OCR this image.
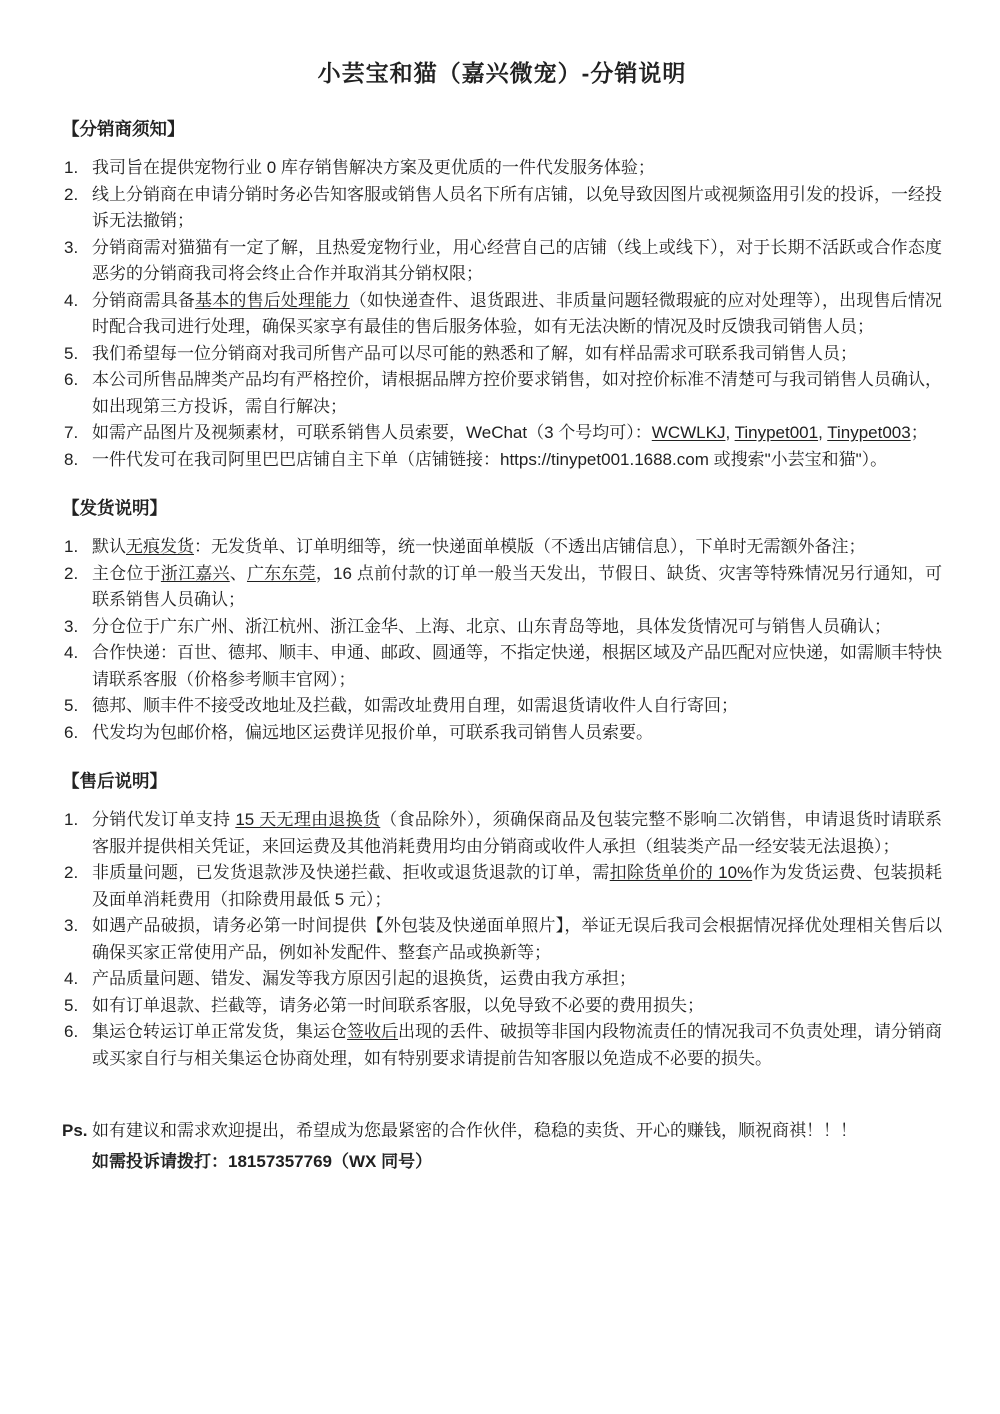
小芸宝和猫（嘉兴微宠）-分销说明
【分销商须知】
我司旨在提供宠物行业 0 库存销售解决方案及更优质的一件代发服务体验；
线上分销商在申请分销时务必告知客服或销售人员名下所有店铺，以免导致因图片或视频盗用引发的投诉，一经投诉无法撤销；
分销商需对猫猫有一定了解，且热爱宠物行业，用心经营自己的店铺（线上或线下），对于长期不活跃或合作态度恶劣的分销商我司将会终止合作并取消其分销权限；
分销商需具备基本的售后处理能力（如快递查件、退货跟进、非质量问题轻微瑕疵的应对处理等），出现售后情况时配合我司进行处理，确保买家享有最佳的售后服务体验，如有无法决断的情况及时反馈我司销售人员；
我们希望每一位分销商对我司所售产品可以尽可能的熟悉和了解，如有样品需求可联系我司销售人员；
本公司所售品牌类产品均有严格控价，请根据品牌方控价要求销售，如对控价标准不清楚可与我司销售人员确认，如出现第三方投诉，需自行解决；
如需产品图片及视频素材，可联系销售人员索要，WeChat（3 个号均可）：WCWLKJ, Tinypet001, Tinypet003；
一件代发可在我司阿里巴巴店铺自主下单（店铺链接：https://tinypet001.1688.com 或搜索"小芸宝和猫"）。
【发货说明】
默认无痕发货：无发货单、订单明细等，统一快递面单模版（不透出店铺信息），下单时无需额外备注；
主仓位于浙江嘉兴、广东东莞，16 点前付款的订单一般当天发出，节假日、缺货、灾害等特殊情况另行通知，可联系销售人员确认；
分仓位于广东广州、浙江杭州、浙江金华、上海、北京、山东青岛等地，具体发货情况可与销售人员确认；
合作快递：百世、德邦、顺丰、申通、邮政、圆通等，不指定快递，根据区域及产品匹配对应快递，如需顺丰特快请联系客服（价格参考顺丰官网）；
德邦、顺丰件不接受改地址及拦截，如需改址费用自理，如需退货请收件人自行寄回；
代发均为包邮价格，偏远地区运费详见报价单，可联系我司销售人员索要。
【售后说明】
分销代发订单支持 15 天无理由退换货（食品除外），须确保商品及包装完整不影响二次销售，申请退货时请联系客服并提供相关凭证，来回运费及其他消耗费用均由分销商或收件人承担（组装类产品一经安装无法退换）；
非质量问题，已发货退款涉及快递拦截、拒收或退货退款的订单，需扣除货单价的 10%作为发货运费、包装损耗及面单消耗费用（扣除费用最低 5 元）；
如遇产品破损，请务必第一时间提供【外包装及快递面单照片】，举证无误后我司会根据情况择优处理相关售后以确保买家正常使用产品，例如补发配件、整套产品或换新等；
产品质量问题、错发、漏发等我方原因引起的退换货，运费由我方承担；
如有订单退款、拦截等，请务必第一时间联系客服，以免导致不必要的费用损失；
集运仓转运订单正常发货，集运仓签收后出现的丢件、破损等非国内段物流责任的情况我司不负责处理，请分销商或买家自行与相关集运仓协商处理，如有特别要求请提前告知客服以免造成不必要的损失。
Ps. 如有建议和需求欢迎提出，希望成为您最紧密的合作伙伴，稳稳的卖货、开心的赚钱，顺祝商祺！！！

如需投诉请拨打：18157357769（WX 同号）
